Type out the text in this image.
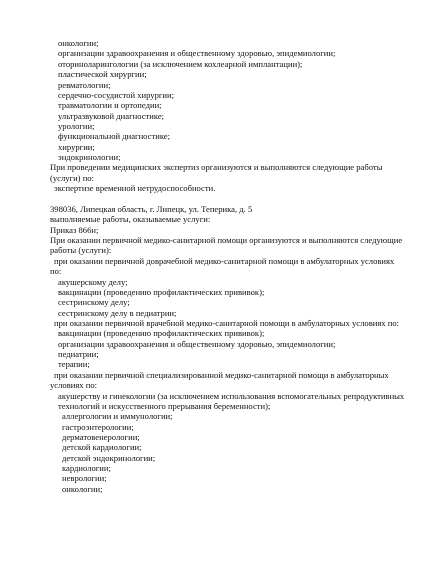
онкологии;
организации здравоохранения и общественному здоровью, эпидемиологии;
оториноларингологии (за исключением кохлеарной имплантации);
пластической хирургии;
ревматологии;
сердечно-сосудистой хирургии;
травматологии и ортопедии;
ультразвуковой диагностике;
урологии;
функциональной диагностике;
хирургии;
эндокринологии;
При проведении медицинских экспертиз организуются и выполняются следующие работы
(услуги) по:
экспертизе временной нетрудоспособности.
398036, Липецкая область, г. Липецк, ул. Теперика, д. 5
выполняемые работы, оказываемые услуги:
Приказ 866н;
При оказании первичной медико-санитарной помощи организуются и выполняются следующие
работы (услуги):
при оказании первичной доврачебной медико-санитарной помощи в амбулаторных условиях
по:
акушерскому делу;
вакцинации (проведению профилактических прививок);
сестринскому делу;
сестринскому делу в педиатрии;
при оказании первичной врачебной медико-санитарной помощи в амбулаторных условиях по:
вакцинации (проведению профилактических прививок);
организации здравоохранения и общественному здоровью, эпидемиологии;
педиатрии;
терапии;
при оказании первичной специализированной медико-санитарной помощи в амбулаторных
условиях по:
акушерству и гинекологии (за исключением использования вспомогательных репродуктивных
технологий и искусственного прерывания беременности);
аллергологии и иммунологии;
гастроэнтерологии;
дерматовенерологии;
детской кардиологии;
детской эндокринологии;
кардиологии;
неврологии;
онкологии;
